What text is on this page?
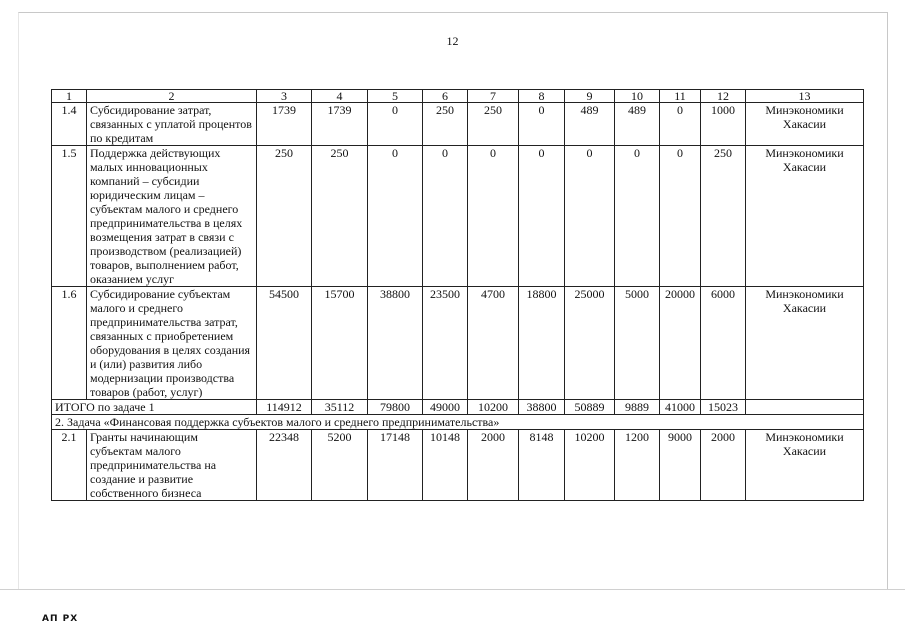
12
1	2	3	4	5	6	7	8	9	10	11	12	13
1.4	Субсидирование затрат, связанных с уплатой процентов по кредитам	1739	1739	0	250	250	0	489	489	0	1000	Минэкономики Хакасии
1.5	Поддержка действующих малых инновационных компаний – субсидии юридическим лицам – субъектам малого и среднего предпринимательства в целях возмещения затрат в связи с производством (реализацией) товаров, выполнением работ, оказанием услуг	250	250	0	0	0	0	0	0	0	250	Минэкономики Хакасии
1.6	Субсидирование субъектам малого и среднего предпринимательства затрат, связанных с приобретением оборудования в целях создания и (или) развития либо модернизации производства товаров (работ, услуг)	54500	15700	38800	23500	4700	18800	25000	5000	20000	6000	Минэкономики Хакасии
ИТОГО по задаче 1		114912	35112	79800	49000	10200	38800	50889	9889	41000	15023	
2. Задача «Финансовая поддержка субъектов малого и среднего предпринимательства»												
2.1	Гранты начинающим субъектам малого предпринимательства на создание и развитие собственного бизнеса	22348	5200	17148	10148	2000	8148	10200	1200	9000	2000	Минэкономики Хакасии
АП РХ
